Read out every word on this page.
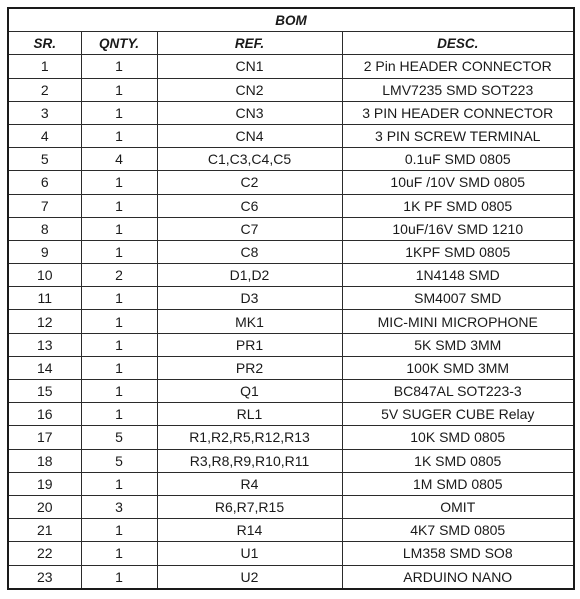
BOM			
SR.	QNTY.	REF.	DESC.
1	1	CN1	2 Pin HEADER CONNECTOR
2	1	CN2	LMV7235 SMD SOT223
3	1	CN3	3 PIN HEADER CONNECTOR
4	1	CN4	3 PIN SCREW TERMINAL
5	4	C1,C3,C4,C5	0.1uF SMD 0805
6	1	C2	10uF /10V SMD 0805
7	1	C6	1K PF SMD 0805
8	1	C7	10uF/16V SMD 1210
9	1	C8	1KPF SMD 0805
10	2	D1,D2	1N4148 SMD
11	1	D3	SM4007 SMD
12	1	MK1	MIC-MINI MICROPHONE
13	1	PR1	5K SMD 3MM
14	1	PR2	100K SMD 3MM
15	1	Q1	BC847AL SOT223-3
16	1	RL1	5V SUGER CUBE Relay
17	5	R1,R2,R5,R12,R13	10K SMD 0805
18	5	R3,R8,R9,R10,R11	1K SMD 0805
19	1	R4	1M SMD 0805
20	3	R6,R7,R15	OMIT
21	1	R14	4K7 SMD 0805
22	1	U1	LM358 SMD SO8
23	1	U2	ARDUINO NANO
